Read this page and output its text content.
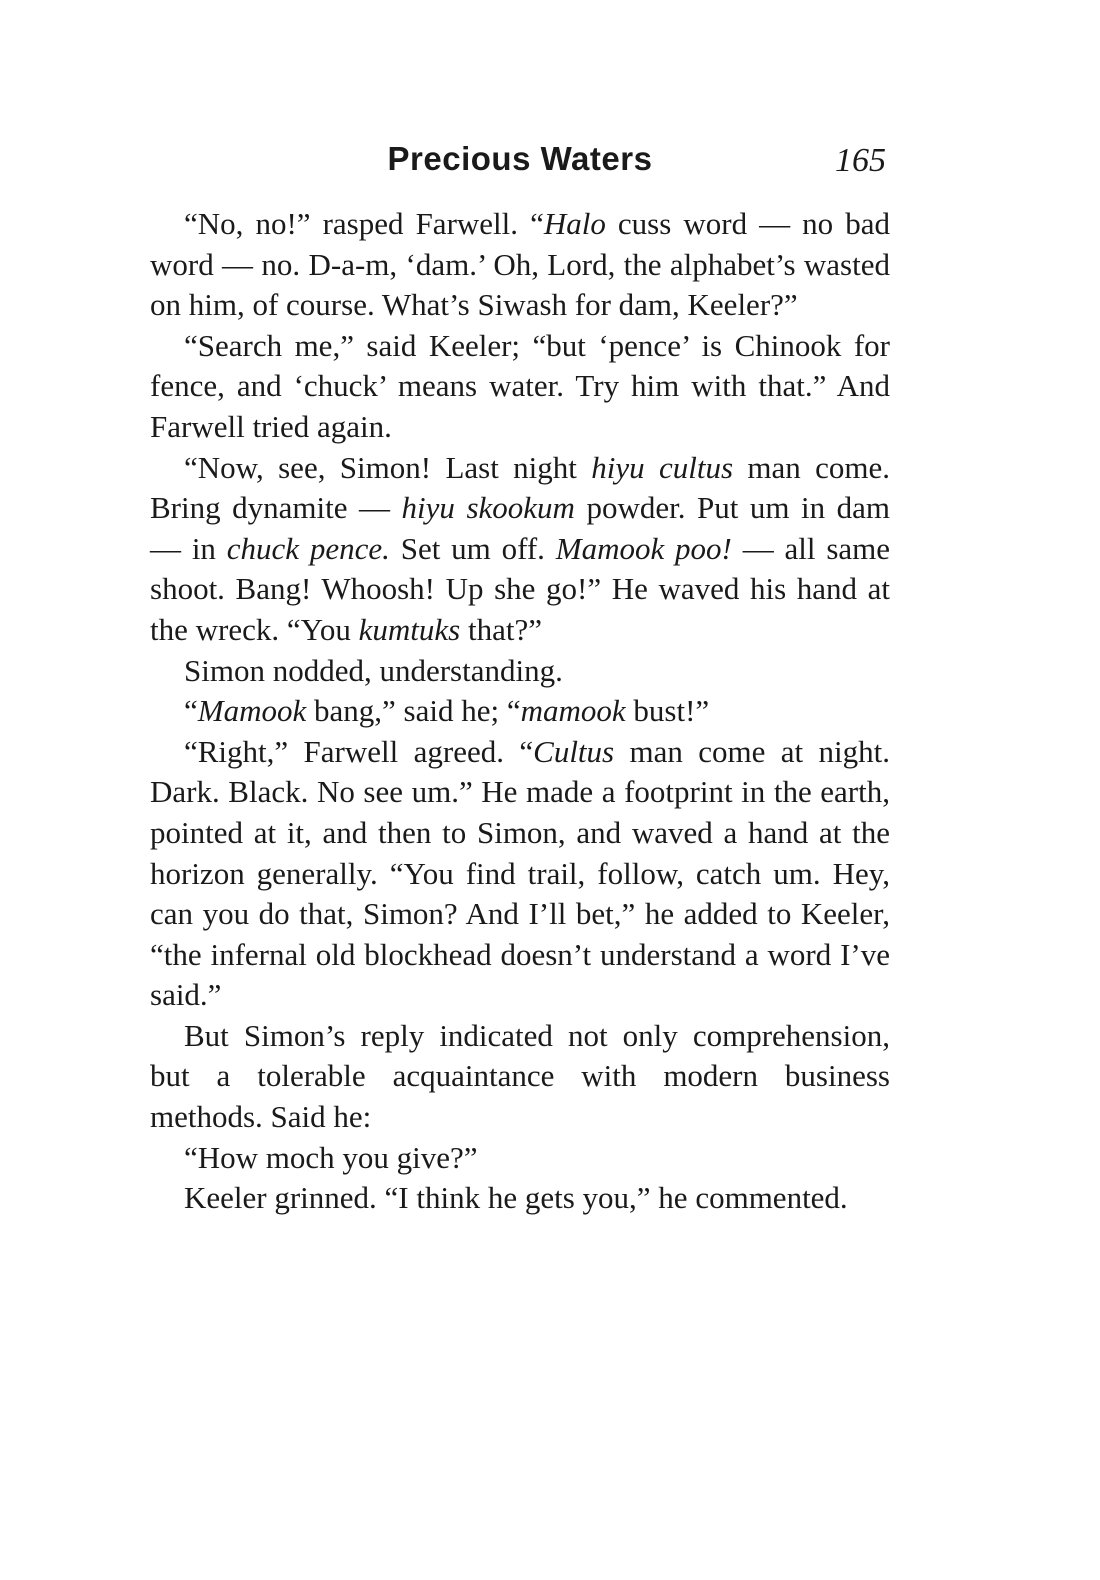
Precious Waters	165

“No, no!” rasped Farwell. “Halo cuss word — no bad word — no. D-a-m, ‘dam.’ Oh, Lord, the alphabet’s wasted on him, of course. What’s Siwash for dam, Keeler?”

“Search me,” said Keeler; “but ‘pence’ is Chinook for fence, and ‘chuck’ means water. Try him with that.” And Farwell tried again.

“Now, see, Simon! Last night hiyu cultus man come. Bring dynamite — hiyu skookum powder. Put um in dam — in chuck pence. Set um off. Mamook poo! — all same shoot. Bang! Whoosh! Up she go!” He waved his hand at the wreck. “You kumtuks that?”

Simon nodded, understanding.

“Mamook bang,” said he; “mamook bust!”

“Right,” Farwell agreed. “Cultus man come at night. Dark. Black. No see um.” He made a footprint in the earth, pointed at it, and then to Simon, and waved a hand at the horizon generally. “You find trail, follow, catch um. Hey, can you do that, Simon? And I’ll bet,” he added to Keeler, “the infernal old blockhead doesn’t understand a word I’ve said.”

But Simon’s reply indicated not only comprehension, but a tolerable acquaintance with modern business methods. Said he:

“How moch you give?”

Keeler grinned. “I think he gets you,” he commented.
